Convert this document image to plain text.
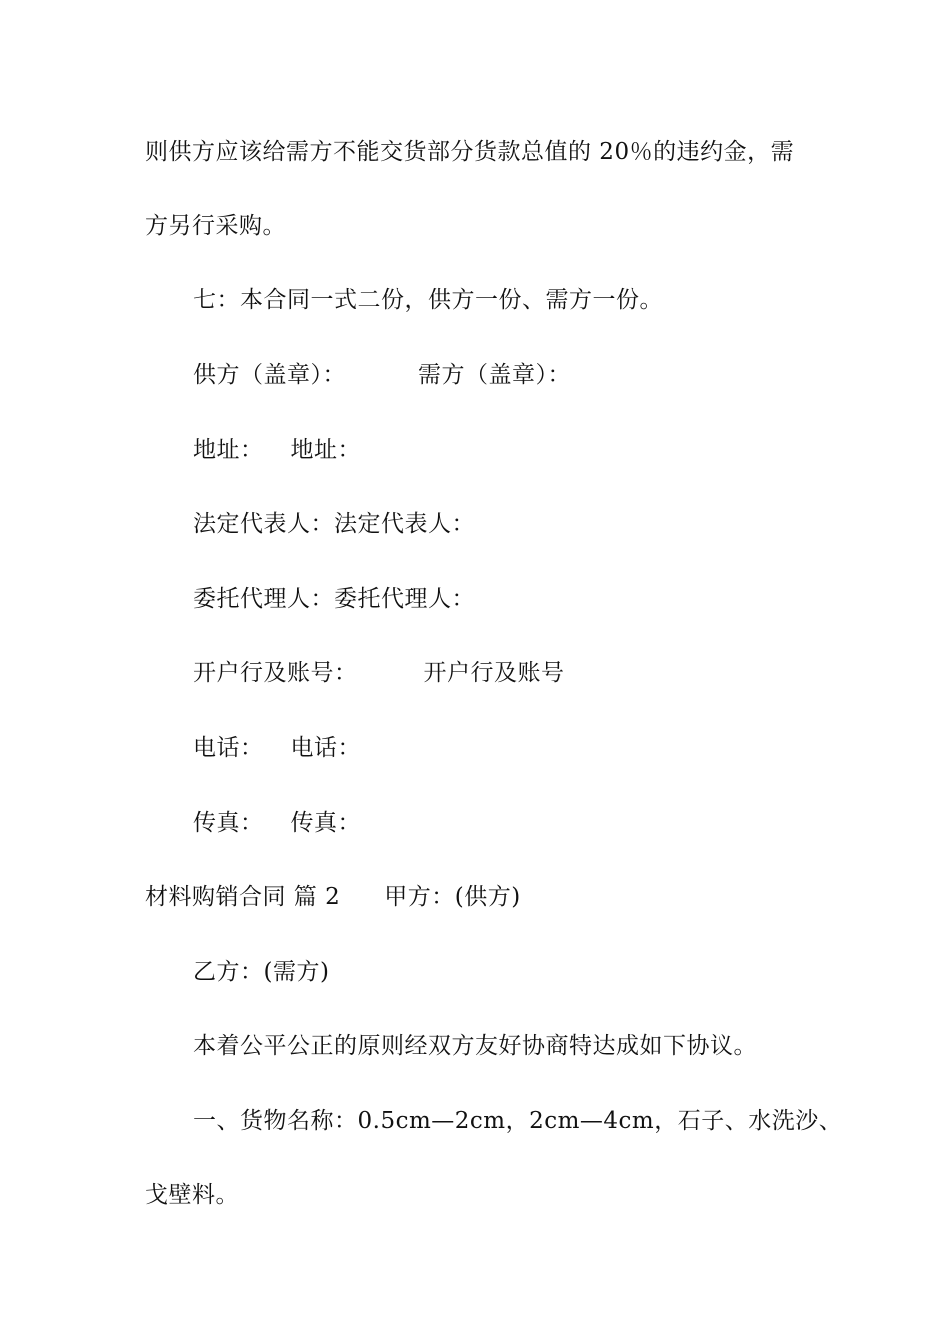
则供方应该给需方不能交货部分货款总值的 20％的违约金，需
方另行采购。
七：本合同一式二份，供方一份、需方一份。
供方（盖章）：	需方（盖章）：
地址： 地址：
法定代表人：法定代表人：
委托代理人：委托代理人：
开户行及账号：	开户行及账号
电话： 电话：
传真： 传真：
材料购销合同 篇 2 甲方：(供方)
乙方：(需方)
本着公平公正的原则经双方友好协商特达成如下协议。
一、货物名称：0.5cm—2cm，2cm—4cm，石子、水洗沙、
戈壁料。
